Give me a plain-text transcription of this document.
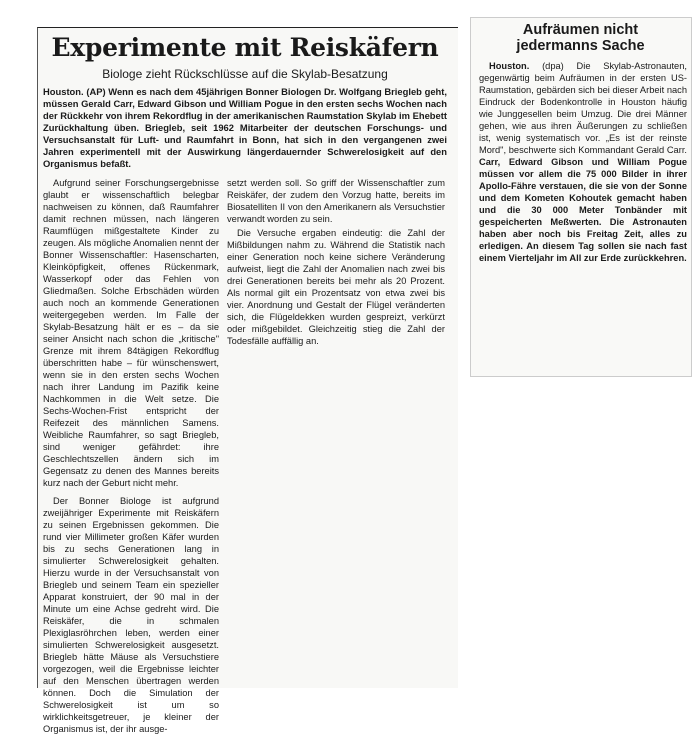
Experimente mit Reiskäfern
Biologe zieht Rückschlüsse auf die Skylab-Besatzung
Houston. (AP) Wenn es nach dem 45jährigen Bonner Biologen Dr. Wolfgang Briegleb geht, müssen Gerald Carr, Edward Gibson und William Pogue in den ersten sechs Wochen nach der Rückkehr von ihrem Rekordflug in der amerikanischen Raumstation Skylab im Ehebett Zurückhaltung üben. Briegleb, seit 1962 Mitarbeiter der deutschen Forschungs- und Versuchsanstalt für Luft- und Raumfahrt in Bonn, hat sich in den vergangenen zwei Jahren experimentell mit der Auswirkung längerdauernder Schwerelosigkeit auf den Organismus befaßt.

Aufgrund seiner Forschungsergebnisse glaubt er wissenschaftlich belegbar nachweisen zu können, daß Raumfahrer damit rechnen müssen, nach längeren Raumflügen mißgestaltete Kinder zu zeugen. Als mögliche Anomalien nennt der Bonner Wissenschaftler: Hasenscharten, Kleinköpfigkeit, offenes Rückenmark, Wasserkopf oder das Fehlen von Gliedmaßen. Solche Erbschäden würden auch noch an kommende Generationen weitergegeben werden. Im Falle der Skylab-Besatzung hält er es – da sie seiner Ansicht nach schon die „kritische" Grenze mit ihrem 84tägigen Rekordflug überschritten habe – für wünschenswert, wenn sie in den ersten sechs Wochen nach ihrer Landung im Pazifik keine Nachkommen in die Welt setze. Die Sechs-Wochen-Frist entspricht der Reifezeit des männlichen Samens. Weibliche Raumfahrer, so sagt Briegleb, sind weniger gefährdet: ihre Geschlechtszellen ändern sich im Gegensatz zu denen des Mannes bereits kurz nach der Geburt nicht mehr.

Der Bonner Biologe ist aufgrund zweijähriger Experimente mit Reiskäfern zu seinen Ergebnissen gekommen. Die rund vier Millimeter großen Käfer wurden bis zu sechs Generationen lang in simulierter Schwerelosigkeit gehalten. Hierzu wurde in der Versuchsanstalt von Briegleb und seinem Team ein spezieller Apparat konstruiert, der 90 mal in der Minute um eine Achse gedreht wird. Die Reiskäfer, die in schmalen Plexiglasröhrchen leben, werden einer simulierten Schwerelosigkeit ausgesetzt. Briegleb hätte Mäuse als Versuchstiere vorgezogen, weil die Ergebnisse leichter auf den Menschen übertragen werden können. Doch die Simulation der Schwerelosigkeit ist um so wirklichkeitsgetreuer, je kleiner der Organismus ist, der ihr ausge-

setzt werden soll. So griff der Wissenschaftler zum Reiskäfer, der zudem den Vorzug hatte, bereits im Biosatelliten II von den Amerikanern als Versuchstier verwandt worden zu sein.

Die Versuche ergaben eindeutig: die Zahl der Mißbildungen nahm zu. Während die Statistik nach einer Generation noch keine sichere Veränderung aufweist, liegt die Zahl der Anomalien nach zwei bis drei Generationen bereits bei mehr als 20 Prozent. Als normal gilt ein Prozentsatz von etwa zwei bis vier. Anordnung und Gestalt der Flügel veränderten sich, die Flügeldekken wurden gespreizt, verkürzt oder mißgebildet. Gleichzeitig stieg die Zahl der Todesfälle auffällig an.

Aufräumen nicht
jedermanns Sache

Houston. (dpa) Die Skylab-Astronauten, gegenwärtig beim Aufräumen in der ersten US-Raumstation, gebärden sich bei dieser Arbeit nach Eindruck der Bodenkontrolle in Houston häufig wie Junggesellen beim Umzug. Die drei Männer gehen, wie aus ihren Äußerungen zu schließen ist, wenig systematisch vor. „Es ist der reinste Mord", beschwerte sich Kommandant Gerald Carr. Carr, Edward Gibson und William Pogue müssen vor allem die 75 000 Bilder in ihrer Apollo-Fähre verstauen, die sie von der Sonne und dem Kometen Kohoutek gemacht haben und die 30 000 Meter Tonbänder mit gespeicherten Meßwerten. Die Astronauten haben aber noch bis Freitag Zeit, alles zu erledigen. An diesem Tag sollen sie nach fast einem Vierteljahr im All zur Erde zurückkehren.
